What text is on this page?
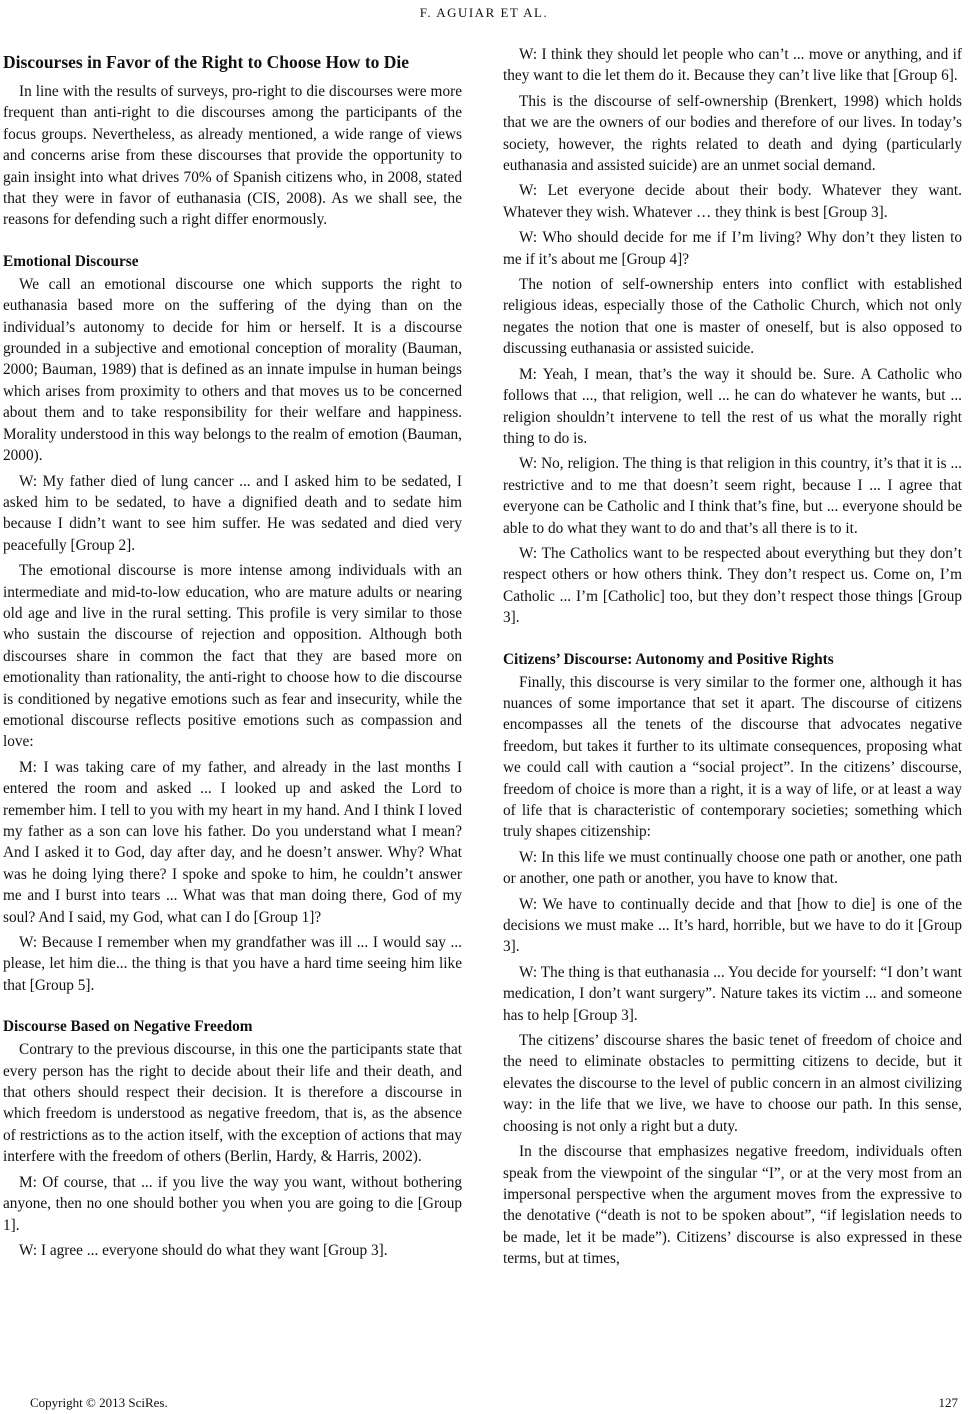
F. AGUIAR ET AL.
Discourses in Favor of the Right to Choose How to Die

In line with the results of surveys, pro-right to die discourses were more frequent than anti-right to die discourses among the participants of the focus groups. Nevertheless, as already mentioned, a wide range of views and concerns arise from these discourses that provide the opportunity to gain insight into what drives 70% of Spanish citizens who, in 2008, stated that they were in favor of euthanasia (CIS, 2008). As we shall see, the reasons for defending such a right differ enormously.

Emotional Discourse

We call an emotional discourse one which supports the right to euthanasia based more on the suffering of the dying than on the individual’s autonomy to decide for him or herself. It is a discourse grounded in a subjective and emotional conception of morality (Bauman, 2000; Bauman, 1989) that is defined as an innate impulse in human beings which arises from proximity to others and that moves us to be concerned about them and to take responsibility for their welfare and happiness. Morality understood in this way belongs to the realm of emotion (Bauman, 2000).

W: My father died of lung cancer ... and I asked him to be sedated, I asked him to be sedated, to have a dignified death and to sedate him because I didn’t want to see him suffer. He was sedated and died very peacefully [Group 2].

The emotional discourse is more intense among individuals with an intermediate and mid-to-low education, who are mature adults or nearing old age and live in the rural setting. This profile is very similar to those who sustain the discourse of rejection and opposition. Although both discourses share in common the fact that they are based more on emotionality than rationality, the anti-right to choose how to die discourse is conditioned by negative emotions such as fear and insecurity, while the emotional discourse reflects positive emotions such as compassion and love:

M: I was taking care of my father, and already in the last months I entered the room and asked ... I looked up and asked the Lord to remember him. I tell to you with my heart in my hand. And I think I loved my father as a son can love his father. Do you understand what I mean? And I asked it to God, day after day, and he doesn’t answer. Why? What was he doing lying there? I spoke and spoke to him, he couldn’t answer me and I burst into tears ... What was that man doing there, God of my soul? And I said, my God, what can I do [Group 1]?

W: Because I remember when my grandfather was ill ... I would say ... please, let him die... the thing is that you have a hard time seeing him like that [Group 5].

Discourse Based on Negative Freedom

Contrary to the previous discourse, in this one the participants state that every person has the right to decide about their life and their death, and that others should respect their decision. It is therefore a discourse in which freedom is understood as negative freedom, that is, as the absence of restrictions as to the action itself, with the exception of actions that may interfere with the freedom of others (Berlin, Hardy, & Harris, 2002).

M: Of course, that ... if you live the way you want, without bothering anyone, then no one should bother you when you are going to die [Group 1].

W: I agree ... everyone should do what they want [Group 3].

W: I think they should let people who can’t ... move or anything, and if they want to die let them do it. Because they can’t live like that [Group 6].

This is the discourse of self-ownership (Brenkert, 1998) which holds that we are the owners of our bodies and therefore of our lives. In today’s society, however, the rights related to death and dying (particularly euthanasia and assisted suicide) are an unmet social demand.

W: Let everyone decide about their body. Whatever they want. Whatever they wish. Whatever … they think is best [Group 3].

W: Who should decide for me if I’m living? Why don’t they listen to me if it’s about me [Group 4]?

The notion of self-ownership enters into conflict with established religious ideas, especially those of the Catholic Church, which not only negates the notion that one is master of oneself, but is also opposed to discussing euthanasia or assisted suicide.

M: Yeah, I mean, that’s the way it should be. Sure. A Catholic who follows that ..., that religion, well ... he can do whatever he wants, but ... religion shouldn’t intervene to tell the rest of us what the morally right thing to do is.

W: No, religion. The thing is that religion in this country, it’s that it is ... restrictive and to me that doesn’t seem right, because I ... I agree that everyone can be Catholic and I think that’s fine, but ... everyone should be able to do what they want to do and that’s all there is to it.

W: The Catholics want to be respected about everything but they don’t respect others or how others think. They don’t respect us. Come on, I’m Catholic ... I’m [Catholic] too, but they don’t respect those things [Group 3].

Citizens’ Discourse: Autonomy and Positive Rights

Finally, this discourse is very similar to the former one, although it has nuances of some importance that set it apart. The discourse of citizens encompasses all the tenets of the discourse that advocates negative freedom, but takes it further to its ultimate consequences, proposing what we could call with caution a “social project”. In the citizens’ discourse, freedom of choice is more than a right, it is a way of life, or at least a way of life that is characteristic of contemporary societies; something which truly shapes citizenship:

W: In this life we must continually choose one path or another, one path or another, one path or another, you have to know that.

W: We have to continually decide and that [how to die] is one of the decisions we must make ... It’s hard, horrible, but we have to do it [Group 3].

W: The thing is that euthanasia ... You decide for yourself: “I don’t want medication, I don’t want surgery”. Nature takes its victim ... and someone has to help [Group 3].

The citizens’ discourse shares the basic tenet of freedom of choice and the need to eliminate obstacles to permitting citizens to decide, but it elevates the discourse to the level of public concern in an almost civilizing way: in the life that we live, we have to choose our path. In this sense, choosing is not only a right but a duty.

In the discourse that emphasizes negative freedom, individuals often speak from the viewpoint of the singular “I”, or at the very most from an impersonal perspective when the argument moves from the expressive to the denotative (“death is not to be spoken about”, “if legislation needs to be made, let it be made”). Citizens’ discourse is also expressed in these terms, but at times,

Copyright © 2013 SciRes.	127
